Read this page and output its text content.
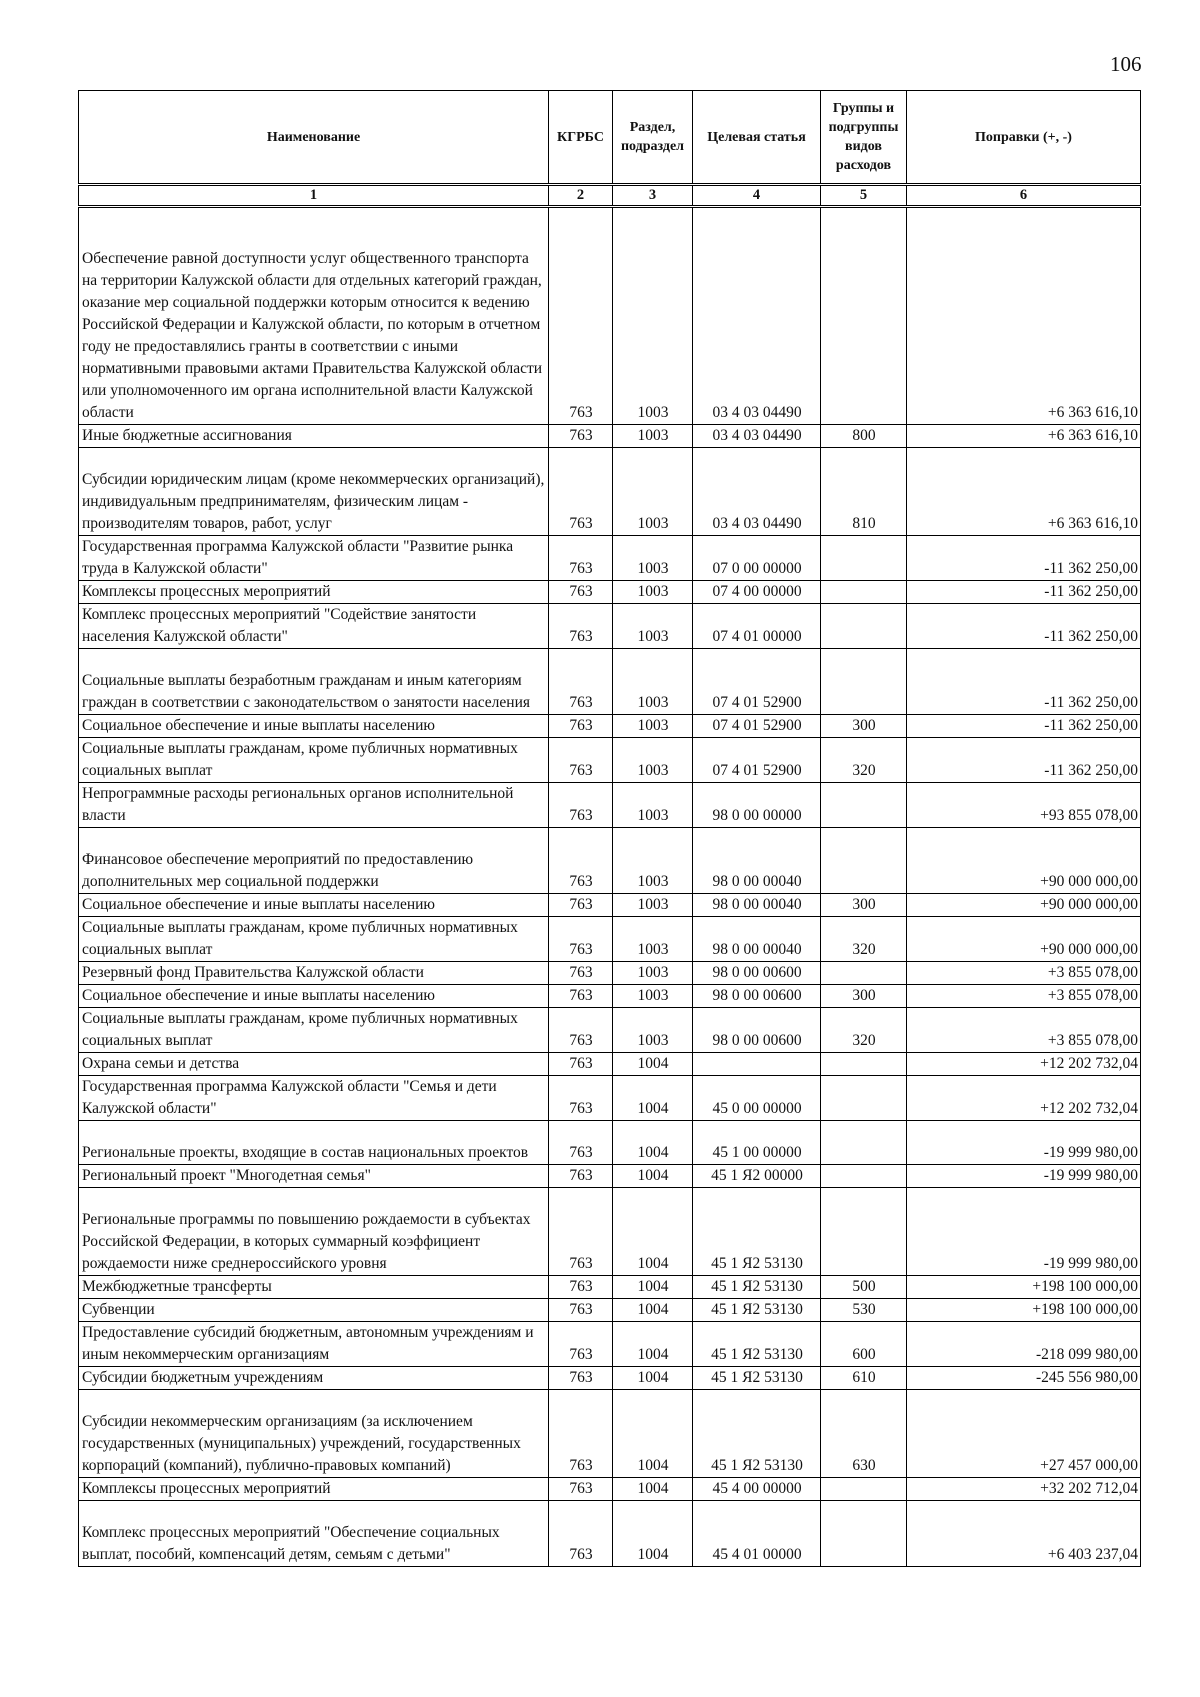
106
Наименование	КГРБС	Раздел, подраздел	Целевая статья	Группы и подгруппы видов расходов	Поправки (+, -)
1	2	3	4	5	6
Обеспечение равной доступности услуг общественного транспорта на территории Калужской области для отдельных категорий граждан, оказание мер социальной поддержки которым относится к ведению Российской Федерации и Калужской области, по которым в отчетном году не предоставлялись гранты в соответствии с иными нормативными правовыми актами Правительства Калужской области или уполномоченного им органа исполнительной власти Калужской области	763	1003	03 4 03 04490		+6 363 616,10
Иные бюджетные ассигнования	763	1003	03 4 03 04490	800	+6 363 616,10
Субсидии юридическим лицам (кроме некоммерческих организаций), индивидуальным предпринимателям, физическим лицам - производителям товаров, работ, услуг	763	1003	03 4 03 04490	810	+6 363 616,10
Государственная программа Калужской области "Развитие рынка труда в Калужской области"	763	1003	07 0 00 00000		-11 362 250,00
Комплексы процессных мероприятий	763	1003	07 4 00 00000		-11 362 250,00
Комплекс процессных мероприятий "Содействие занятости населения Калужской области"	763	1003	07 4 01 00000		-11 362 250,00
Социальные выплаты безработным гражданам и иным категориям граждан в соответствии с законодательством о занятости населения	763	1003	07 4 01 52900		-11 362 250,00
Социальное обеспечение и иные выплаты населению	763	1003	07 4 01 52900	300	-11 362 250,00
Социальные выплаты гражданам, кроме публичных нормативных социальных выплат	763	1003	07 4 01 52900	320	-11 362 250,00
Непрограммные расходы региональных органов исполнительной власти	763	1003	98 0 00 00000		+93 855 078,00
Финансовое обеспечение мероприятий по предоставлению дополнительных мер социальной поддержки	763	1003	98 0 00 00040		+90 000 000,00
Социальное обеспечение и иные выплаты населению	763	1003	98 0 00 00040	300	+90 000 000,00
Социальные выплаты гражданам, кроме публичных нормативных социальных выплат	763	1003	98 0 00 00040	320	+90 000 000,00
Резервный фонд Правительства Калужской области	763	1003	98 0 00 00600		+3 855 078,00
Социальное обеспечение и иные выплаты населению	763	1003	98 0 00 00600	300	+3 855 078,00
Социальные выплаты гражданам, кроме публичных нормативных социальных выплат	763	1003	98 0 00 00600	320	+3 855 078,00
Охрана семьи и детства	763	1004			+12 202 732,04
Государственная программа Калужской области "Семья и дети Калужской области"	763	1004	45 0 00 00000		+12 202 732,04
Региональные проекты, входящие в состав национальных проектов	763	1004	45 1 00 00000		-19 999 980,00
Региональный проект "Многодетная семья"	763	1004	45 1 Я2 00000		-19 999 980,00
Региональные программы по повышению рождаемости в субъектах Российской Федерации, в которых суммарный коэффициент рождаемости ниже среднероссийского уровня	763	1004	45 1 Я2 53130		-19 999 980,00
Межбюджетные трансферты	763	1004	45 1 Я2 53130	500	+198 100 000,00
Субвенции	763	1004	45 1 Я2 53130	530	+198 100 000,00
Предоставление субсидий бюджетным, автономным учреждениям и иным некоммерческим организациям	763	1004	45 1 Я2 53130	600	-218 099 980,00
Субсидии бюджетным учреждениям	763	1004	45 1 Я2 53130	610	-245 556 980,00
Субсидии некоммерческим организациям (за исключением государственных (муниципальных) учреждений, государственных корпораций (компаний), публично-правовых компаний)	763	1004	45 1 Я2 53130	630	+27 457 000,00
Комплексы процессных мероприятий	763	1004	45 4 00 00000		+32 202 712,04
Комплекс процессных мероприятий "Обеспечение социальных выплат, пособий, компенсаций детям, семьям с детьми"	763	1004	45 4 01 00000		+6 403 237,04
